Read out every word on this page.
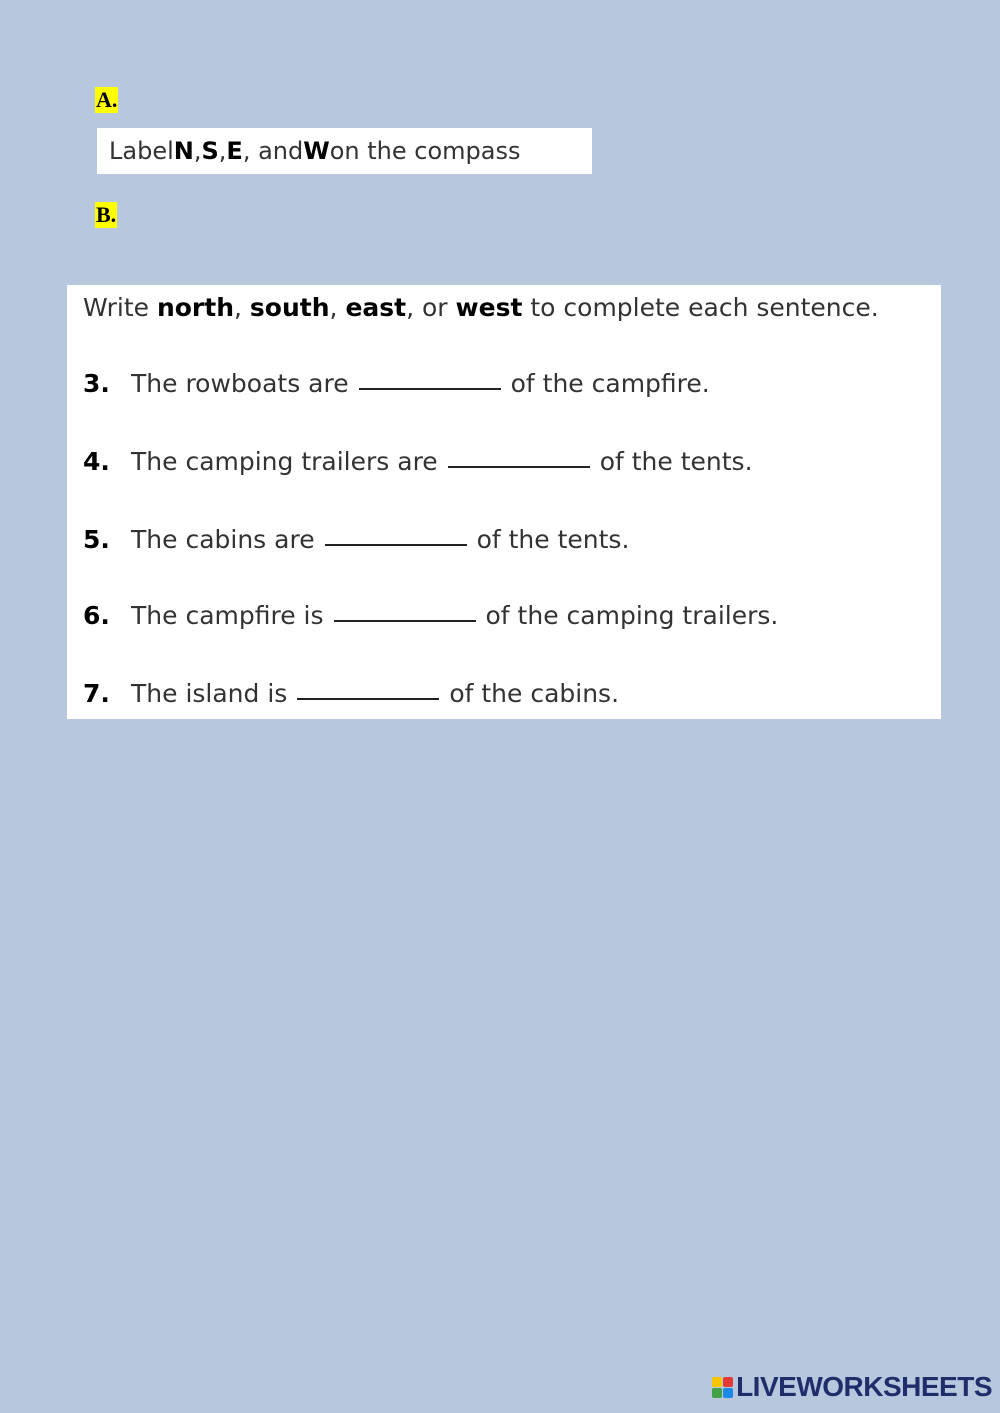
A.
Label N , S , E , and W on the compass
B.
Write north, south, east, or west to complete each sentence.
3. The rowboats are	of the campfire.
4. The camping trailers are	of the tents.
5. The cabins are	of the tents.
6. The campfire is	of the camping trailers.
7. The island is	of the cabins.
LIVEWORKSHEETS
